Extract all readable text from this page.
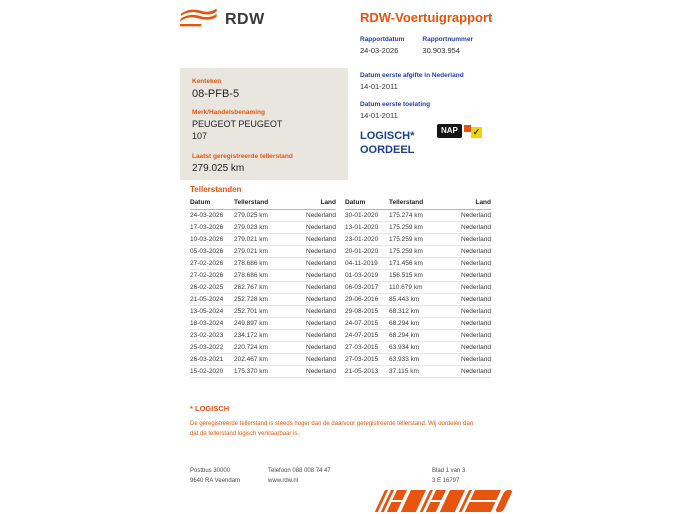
RDW	RDW-Voertuigrapport
Rapportdatum
24-03-2026
Rapportnummer
30.903.954
Kenteken
08-PFB-5
Merk/Handelsbenaming
PEUGEOT PEUGEOT
107
Laatst geregistreerde tellerstand
279.025 km
Datum eerste afgifte in Nederland
14-01-2011
Datum eerste toelating
14-01-2011
LOGISCH*
OORDEEL
NAP	✓
Tellerstanden
Datum	Tellerstand	Land
24-03-2026	279.025 km	Nederland
17-03-2026	279.023 km	Nederland
10-03-2026	279.021 km	Nederland
05-03-2026	279.021 km	Nederland
27-02-2026	278.686 km	Nederland
27-02-2026	278.686 km	Nederland
26-02-2025	262.767 km	Nederland
21-05-2024	252.728 km	Nederland
13-05-2024	252.701 km	Nederland
18-03-2024	249.897 km	Nederland
23-02-2023	234.172 km	Nederland
25-03-2022	220.724 km	Nederland
26-03-2021	202.467 km	Nederland
15-02-2020	175.370 km	Nederland
Datum	Tellerstand	Land
30-01-2020	175.274 km	Nederland
13-01-2020	175.259 km	Nederland
23-01-2020	175.259 km	Nederland
20-01-2020	175.259 km	Nederland
04-11-2019	171.456 km	Nederland
01-03-2019	156.515 km	Nederland
06-03-2017	110.679 km	Nederland
29-06-2016	85.443 km	Nederland
29-08-2015	68.312 km	Nederland
24-07-2015	68.294 km	Nederland
24-07-2015	68.294 km	Nederland
27-03-2015	63.934 km	Nederland
27-03-2015	63.933 km	Nederland
21-05-2013	37.115 km	Nederland
* LOGISCH
De geregistreerde tellerstand is steeds hoger dan de daarvoor geregistreerde tellerstand. Wij oordelen dan dat de tellerstand logisch verklaarbaar is.
Postbus 30000
9640 RA Veendam
Telefoon 088 008 74 47
www.rdw.nl
Blad 1 van 3
3 E 16797
